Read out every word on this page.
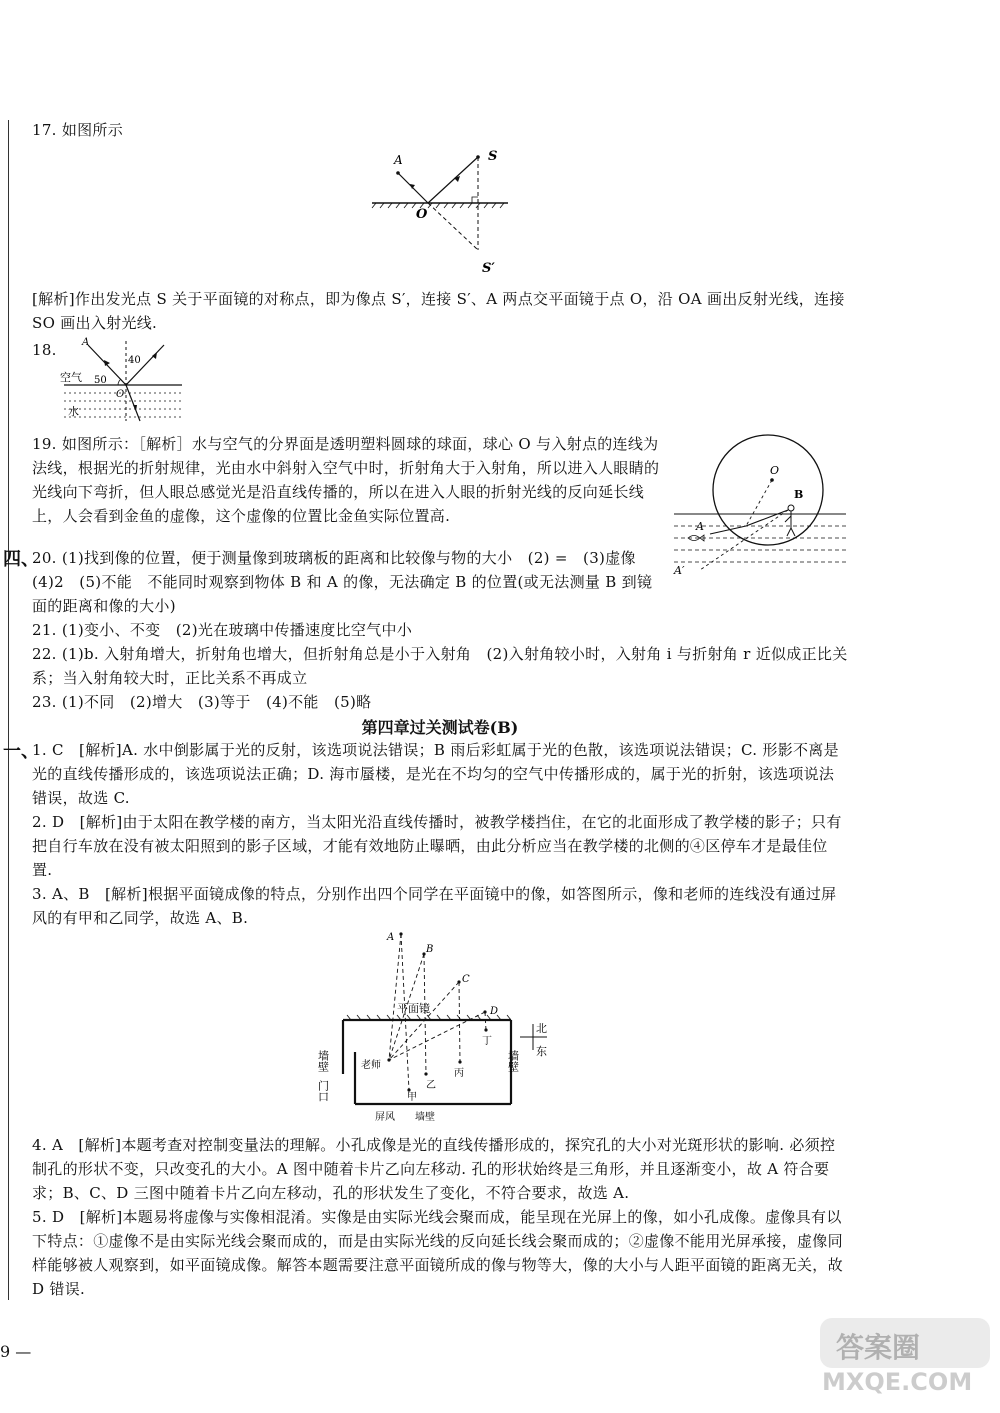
17. 如图所示
A	S
O
S′
[解析]作出发光点 S 关于平面镜的对称点，即为像点 S′，连接 S′、A 两点交平面镜于点 O，沿 OA 画出反射光线，连接 SO 画出入射光线.
18.	A
40
空气 50
O
水
19. 如图所示：［解析］水与空气的分界面是透明塑料圆球的球面，球心 O 与入射点的连线为法线，根据光的折射规律，光由水中斜射入空气中时，折射角大于入射角，所以进入人眼睛的光线向下弯折，但人眼总感觉光是沿直线传播的，所以在进入人眼的折射光线的反向延长线上，人会看到金鱼的虚像，这个虚像的位置比金鱼实际位置高.
O
B
A
A′
四、
20. (1)找到像的位置，便于测量像到玻璃板的距离和比较像与物的大小　(2) =　(3)虚像　(4)2　(5)不能　不能同时观察到物体 B 和 A 的像，无法确定 B 的位置(或无法测量 B 到镜面的距离和像的大小)
21. (1)变小、不变　(2)光在玻璃中传播速度比空气中小
22. (1)b. 入射角增大，折射角也增大，但折射角总是小于入射角　(2)入射角较小时，入射角 i 与折射角 r 近似成正比关系；当入射角较大时，正比关系不再成立
23. (1)不同　(2)增大　(3)等于　(4)不能　(5)略
第四章过关测试卷(B)
一、
1. C　[解析]A. 水中倒影属于光的反射，该选项说法错误；B 雨后彩虹属于光的色散，该选项说法错误；C. 形影不离是光的直线传播形成的，该选项说法正确；D. 海市蜃楼，是光在不均匀的空气中传播形成的，属于光的折射，该选项说法错误，故选 C.
2. D　[解析]由于太阳在教学楼的南方，当太阳光沿直线传播时，被教学楼挡住，在它的北面形成了教学楼的影子；只有把自行车放在没有被太阳照到的影子区域，才能有效地防止曝晒，由此分析应当在教学楼的北侧的④区停车才是最佳位置.
3. A、B　[解析]根据平面镜成像的特点，分别作出四个同学在平面镜中的像，如答图所示，像和老师的连线没有通过屏风的有甲和乙同学，故选 A、B.
A
B
C
D
平面镜
北
东
墙壁
门口
墙壁
老师
甲
乙
丙
丁
屏风 墙壁
4. A　[解析]本题考查对控制变量法的理解。小孔成像是光的直线传播形成的，探究孔的大小对光斑形状的影响. 必须控制孔的形状不变，只改变孔的大小。A 图中随着卡片乙向左移动. 孔的形状始终是三角形，并且逐渐变小，故 A 符合要求；B、C、D 三图中随着卡片乙向左移动，孔的形状发生了变化，不符合要求，故选 A.
5. D　[解析]本题易将虚像与实像相混淆。实像是由实际光线会聚而成，能呈现在光屏上的像，如小孔成像。虚像具有以下特点：①虚像不是由实际光线会聚而成的，而是由实际光线的反向延长线会聚而成的；②虚像不能用光屏承接，虚像同样能够被人观察到，如平面镜成像。解答本题需要注意平面镜所成的像与物等大，像的大小与人距平面镜的距离无关，故 D 错误.
9 —	答案圈
MXQE.COM
